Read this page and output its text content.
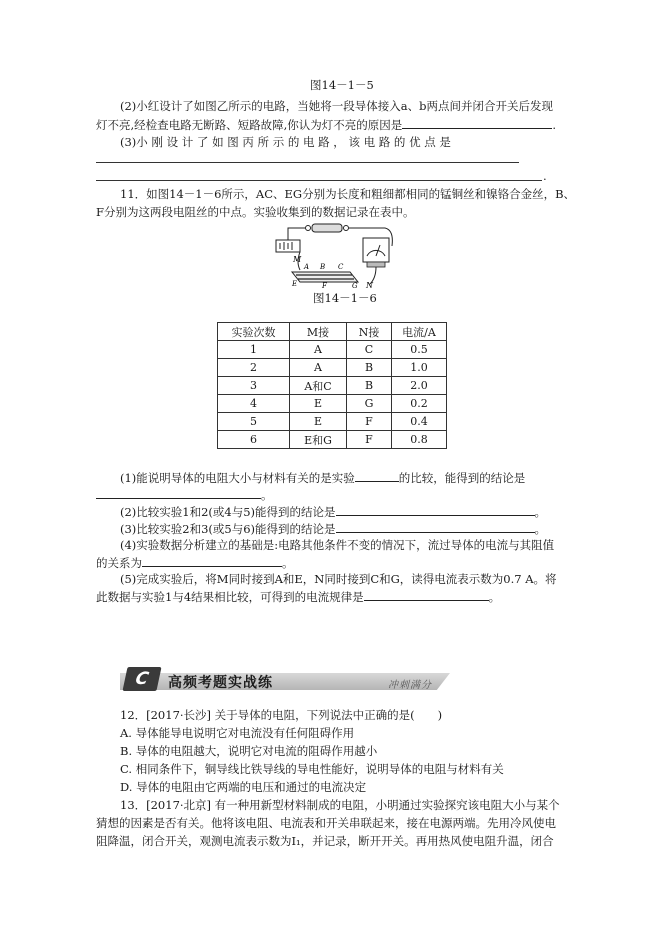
图14－1－5
(2)小红设计了如图乙所示的电路，当她将一段导体接入a、b两点间并闭合开关后发现
灯不亮,经检查电路无断路、短路故障,你认为灯不亮的原因是	.
(3)小 刚 设 计 了 如 图 丙 所 示 的 电 路 ， 该 电 路 的 优 点 是
.
11．如图14－1－6所示，AC、EG分别为长度和粗细都相同的锰铜丝和镍铬合金丝，B、
F分别为这两段电阻丝的中点。实验收集到的数据记录在表中。
M
A B C
E	F	G N
图14－1－6
实验次数	M接	N接	电流/A
1	A	C	0.5
2	A	B	1.0
3	A和C	B	2.0
4	E	G	0.2
5	E	F	0.4
6	E和G	F	0.8
(1)能说明导体的电阻大小与材料有关的是实验	的比较，能得到的结论是
。
(2)比较实验1和2(或4与5)能得到的结论是	。
(3)比较实验2和3(或5与6)能得到的结论是	。
(4)实验数据分析建立的基础是:电路其他条件不变的情况下，流过导体的电流与其阻值
的关系为	。
(5)完成实验后，将M同时接到A和E，N同时接到C和G，读得电流表示数为0.7 A。将
此数据与实验1与4结果相比较，可得到的电流规律是	。
C	高频考题实战练	冲刺满分
12．[2017·长沙] 关于导体的电阻，下列说法中正确的是(　　)
A. 导体能导电说明它对电流没有任何阻碍作用
B. 导体的电阻越大，说明它对电流的阻碍作用越小
C. 相同条件下，铜导线比铁导线的导电性能好，说明导体的电阻与材料有关
D. 导体的电阻由它两端的电压和通过的电流决定
13．[2017·北京] 有一种用新型材料制成的电阻，小明通过实验探究该电阻大小与某个
猜想的因素是否有关。他将该电阻、电流表和开关串联起来，接在电源两端。先用冷风使电
阻降温，闭合开关，观测电流表示数为I₁，并记录，断开开关。再用热风使电阻升温，闭合
